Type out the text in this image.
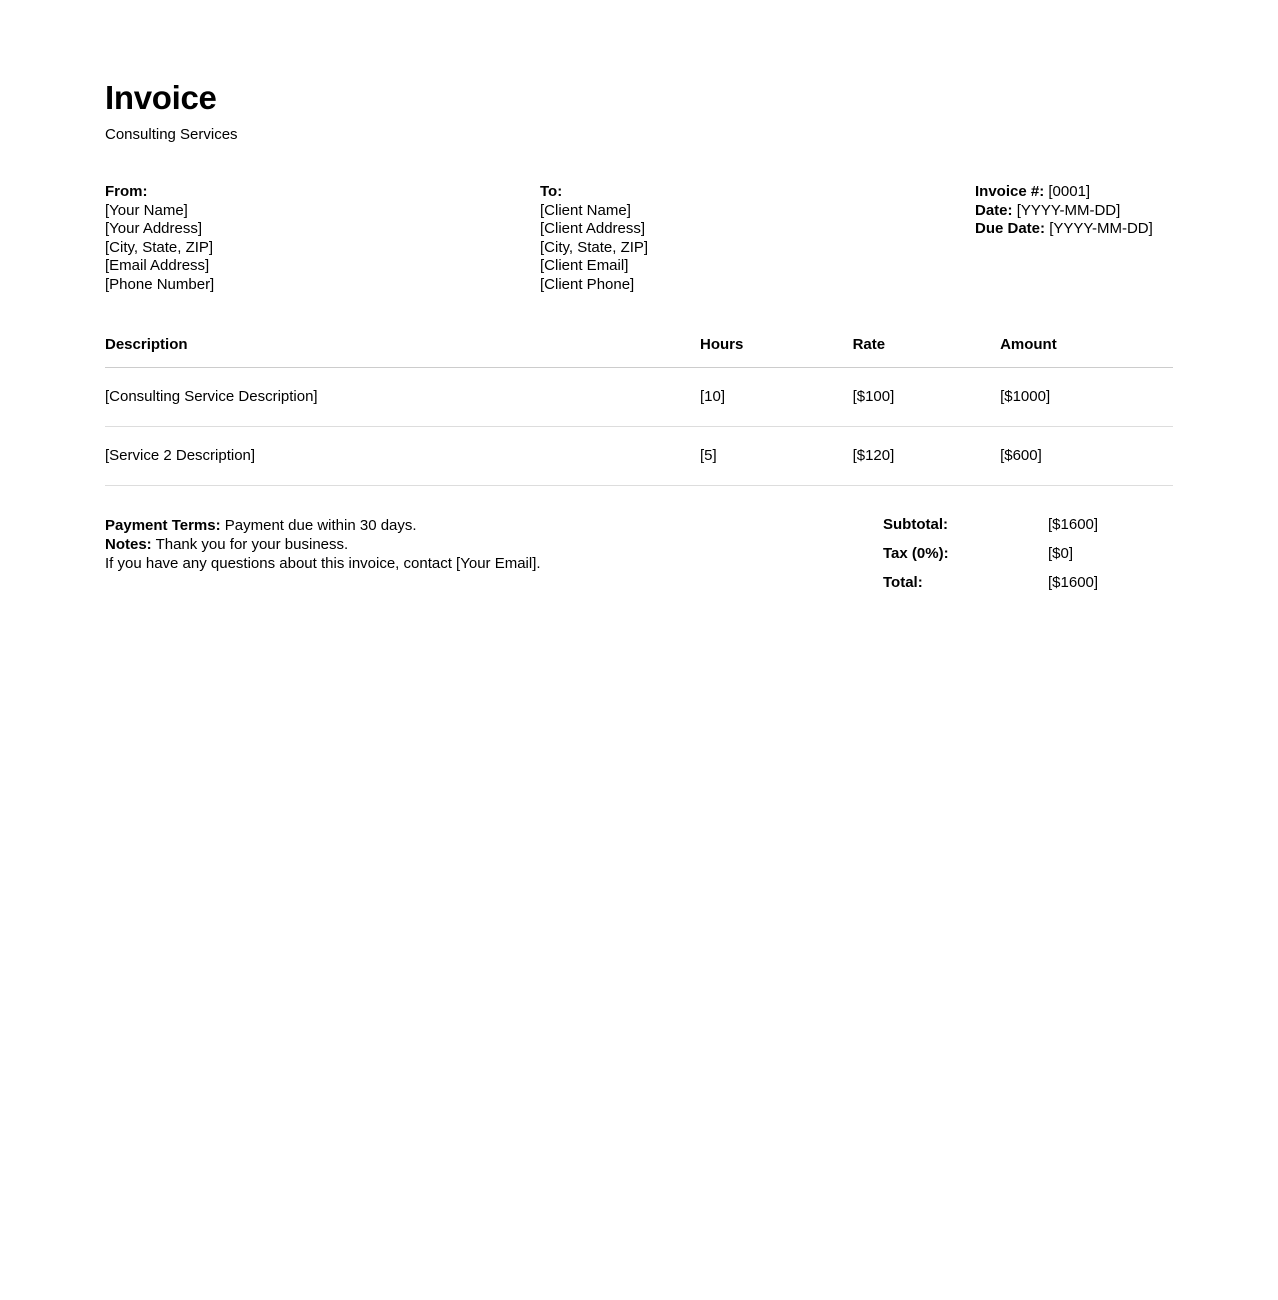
Invoice
Consulting Services
From:
[Your Name]
[Your Address]
[City, State, ZIP]
[Email Address]
[Phone Number]
To:
[Client Name]
[Client Address]
[City, State, ZIP]
[Client Email]
[Client Phone]
Invoice #: [0001]
Date: [YYYY-MM-DD]
Due Date: [YYYY-MM-DD]
Description	Hours	Rate	Amount
[Consulting Service Description]	[10]	[$100]	[$1000]
[Service 2 Description]	[5]	[$120]	[$600]

Payment Terms: Payment due within 30 days.

Notes: Thank you for your business.

If you have any questions about this invoice, contact [Your Email].

Subtotal:	[$1600]
Tax (0%):	[$0]
Total:	[$1600]
